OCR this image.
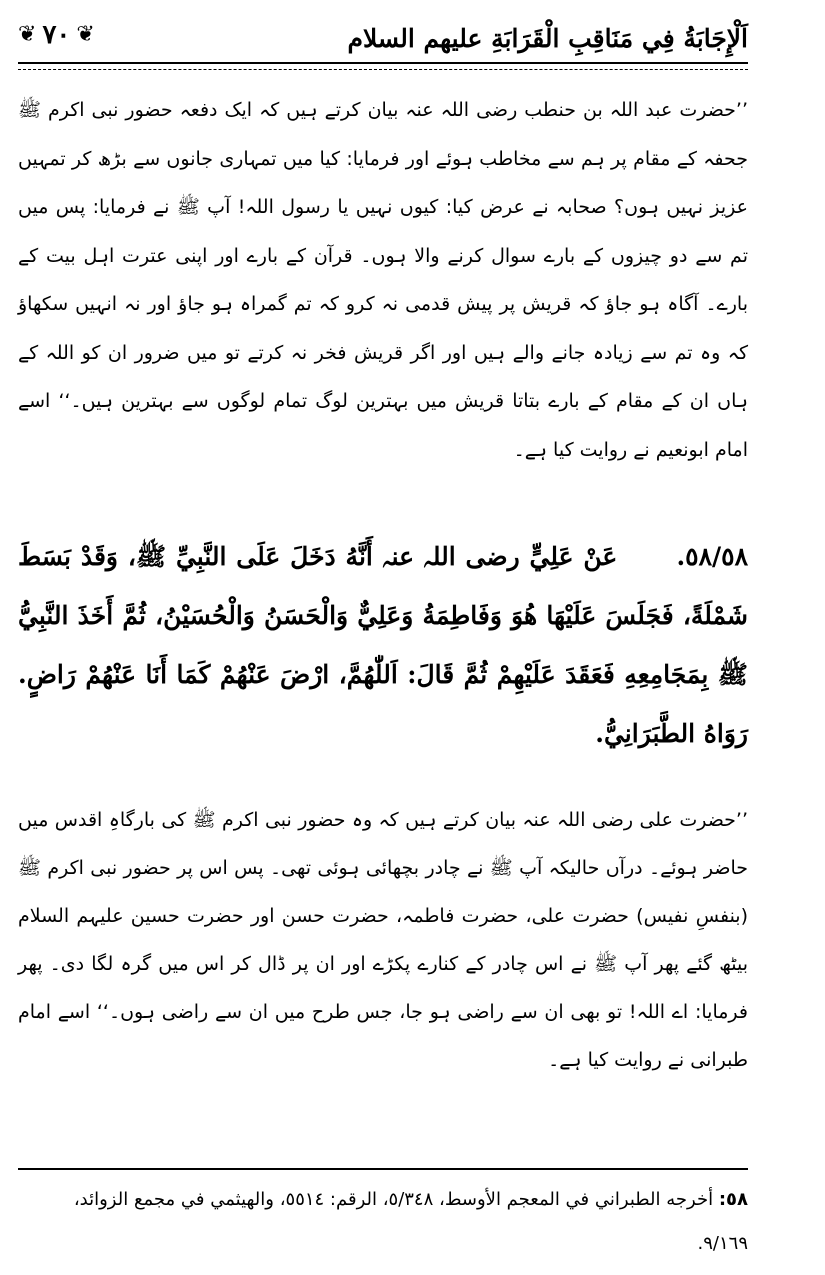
اَلْإِجَابَةُ فِي مَنَاقِبِ الْقَرَابَةِ علیهم السلام
❦ ٧٠ ❦
’’حضرت عبد اللہ بن حنطب رضی اللہ عنہ بیان کرتے ہیں کہ ایک دفعہ حضور نبی اکرم ﷺ جحفہ کے مقام پر ہم سے مخاطب ہوئے اور فرمایا: کیا میں تمہاری جانوں سے بڑھ کر تمہیں عزیز نہیں ہوں؟ صحابہ نے عرض کیا: کیوں نہیں یا رسول اللہ! آپ ﷺ نے فرمایا: پس میں تم سے دو چیزوں کے بارے سوال کرنے والا ہوں۔ قرآن کے بارے اور اپنی عترت اہل بیت کے بارے۔ آگاہ ہو جاؤ کہ قریش پر پیش قدمی نہ کرو کہ تم گمراہ ہو جاؤ اور نہ انہیں سکھاؤ کہ وہ تم سے زیادہ جانے والے ہیں اور اگر قریش فخر نہ کرتے تو میں ضرور ان کو اللہ کے ہاں ان کے مقام کے بارے بتاتا قریش میں بہترین لوگ تمام لوگوں سے بہترین ہیں۔‘‘ اسے امام ابونعیم نے روایت کیا ہے۔
٥٨/٥٨.      عَنْ عَلِيٍّ رضی اللہ عنہ أَنَّهُ دَخَلَ عَلَى النَّبِيِّ ﷺ، وَقَدْ بَسَطَ شَمْلَةً، فَجَلَسَ عَلَيْهَا هُوَ وَفَاطِمَةُ وَعَلِيٌّ وَالْحَسَنُ وَالْحُسَيْنُ، ثُمَّ أَخَذَ النَّبِيُّ ﷺ بِمَجَامِعِهِ فَعَقَدَ عَلَيْهِمْ ثُمَّ قَالَ: اَللّٰهُمَّ، ارْضَ عَنْهُمْ كَمَا أَنَا عَنْهُمْ رَاضٍ. رَوَاهُ الطَّبَرَانِيُّ.
’’حضرت علی رضی اللہ عنہ بیان کرتے ہیں کہ وہ حضور نبی اکرم ﷺ کی بارگاہِ اقدس میں حاضر ہوئے۔ درآں حالیکہ آپ ﷺ نے چادر بچھائی ہوئی تھی۔ پس اس پر حضور نبی اکرم ﷺ (بنفسِ نفیس) حضرت علی، حضرت فاطمہ، حضرت حسن اور حضرت حسین علیہم السلام بیٹھ گئے پھر آپ ﷺ نے اس چادر کے کنارے پکڑے اور ان پر ڈال کر اس میں گرہ لگا دی۔ پھر فرمایا: اے اللہ! تو بھی ان سے راضی ہو جا، جس طرح میں ان سے راضی ہوں۔‘‘ اسے امام طبرانی نے روایت کیا ہے۔
٥٨: أخرجه الطبراني في المعجم الأوسط، ٥/٣٤٨، الرقم: ٥٥١٤، والهيثمي في مجمع الزوائد، ٩/١٦٩.
